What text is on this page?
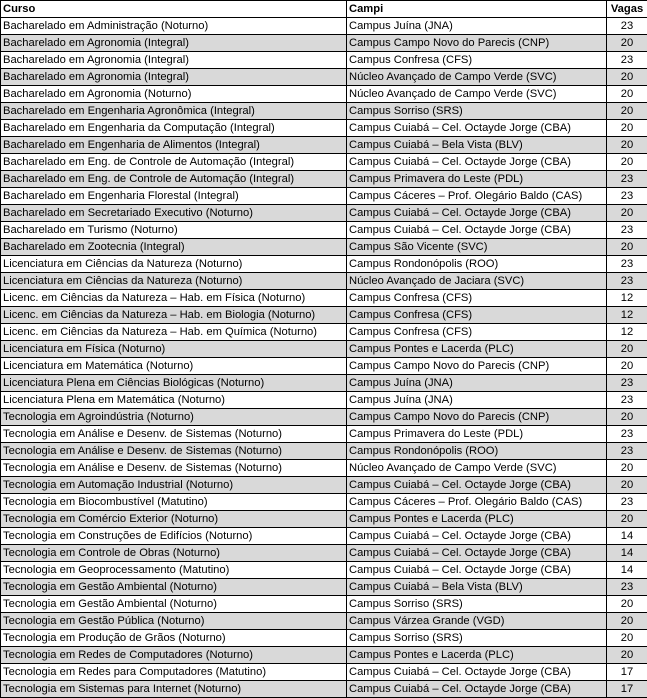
Curso	Campi	Vagas
Bacharelado em Administração (Noturno)	Campus Juína (JNA)	23
Bacharelado em Agronomia (Integral)	Campus Campo Novo do Parecis (CNP)	20
Bacharelado em Agronomia (Integral)	Campus Confresa (CFS)	23
Bacharelado em Agronomia (Integral)	Núcleo Avançado de Campo Verde (SVC)	20
Bacharelado em Agronomia (Noturno)	Núcleo Avançado de Campo Verde (SVC)	20
Bacharelado em Engenharia Agronômica (Integral)	Campus Sorriso (SRS)	20
Bacharelado em Engenharia da Computação (Integral)	Campus Cuiabá – Cel. Octayde Jorge (CBA)	20
Bacharelado em Engenharia de Alimentos (Integral)	Campus Cuiabá – Bela Vista (BLV)	20
Bacharelado em Eng. de Controle de Automação (Integral)	Campus Cuiabá – Cel. Octayde Jorge (CBA)	20
Bacharelado em Eng. de Controle de Automação (Integral)	Campus Primavera do Leste (PDL)	23
Bacharelado em Engenharia Florestal (Integral)	Campus Cáceres – Prof. Olegário Baldo (CAS)	23
Bacharelado em Secretariado Executivo (Noturno)	Campus Cuiabá – Cel. Octayde Jorge (CBA)	20
Bacharelado em Turismo (Noturno)	Campus Cuiabá – Cel. Octayde Jorge (CBA)	23
Bacharelado em Zootecnia (Integral)	Campus São Vicente (SVC)	20
Licenciatura em Ciências da Natureza (Noturno)	Campus Rondonópolis (ROO)	23
Licenciatura em Ciências da Natureza (Noturno)	Núcleo Avançado de Jaciara (SVC)	23
Licenc. em Ciências da Natureza – Hab. em Física (Noturno)	Campus Confresa (CFS)	12
Licenc. em Ciências da Natureza – Hab. em Biologia (Noturno)	Campus Confresa (CFS)	12
Licenc. em Ciências da Natureza – Hab. em Química (Noturno)	Campus Confresa (CFS)	12
Licenciatura em Física (Noturno)	Campus Pontes e Lacerda (PLC)	20
Licenciatura em Matemática (Noturno)	Campus Campo Novo do Parecis (CNP)	20
Licenciatura Plena em Ciências Biológicas (Noturno)	Campus Juína (JNA)	23
Licenciatura Plena em Matemática (Noturno)	Campus Juína (JNA)	23
Tecnologia em Agroindústria (Noturno)	Campus Campo Novo do Parecis (CNP)	20
Tecnologia em Análise e Desenv. de Sistemas (Noturno)	Campus Primavera do Leste (PDL)	23
Tecnologia em Análise e Desenv. de Sistemas (Noturno)	Campus Rondonópolis (ROO)	23
Tecnologia em Análise e Desenv. de Sistemas (Noturno)	Núcleo Avançado de Campo Verde (SVC)	20
Tecnologia em Automação Industrial (Noturno)	Campus Cuiabá – Cel. Octayde Jorge (CBA)	20
Tecnologia em Biocombustível (Matutino)	Campus Cáceres – Prof. Olegário Baldo (CAS)	23
Tecnologia em Comércio Exterior (Noturno)	Campus Pontes e Lacerda (PLC)	20
Tecnologia em Construções de Edifícios (Noturno)	Campus Cuiabá – Cel. Octayde Jorge (CBA)	14
Tecnologia em Controle de Obras (Noturno)	Campus Cuiabá – Cel. Octayde Jorge (CBA)	14
Tecnologia em Geoprocessamento (Matutino)	Campus Cuiabá – Cel. Octayde Jorge (CBA)	14
Tecnologia em Gestão Ambiental (Noturno)	Campus Cuiabá – Bela Vista (BLV)	23
Tecnologia em Gestão Ambiental (Noturno)	Campus Sorriso (SRS)	20
Tecnologia em Gestão Pública (Noturno)	Campus Várzea Grande (VGD)	20
Tecnologia em Produção de Grãos (Noturno)	Campus Sorriso (SRS)	20
Tecnologia em Redes de Computadores (Noturno)	Campus Pontes e Lacerda (PLC)	20
Tecnologia em Redes para Computadores (Matutino)	Campus Cuiabá – Cel. Octayde Jorge (CBA)	17
Tecnologia em Sistemas para Internet (Noturno)	Campus Cuiabá – Cel. Octayde Jorge (CBA)	17
